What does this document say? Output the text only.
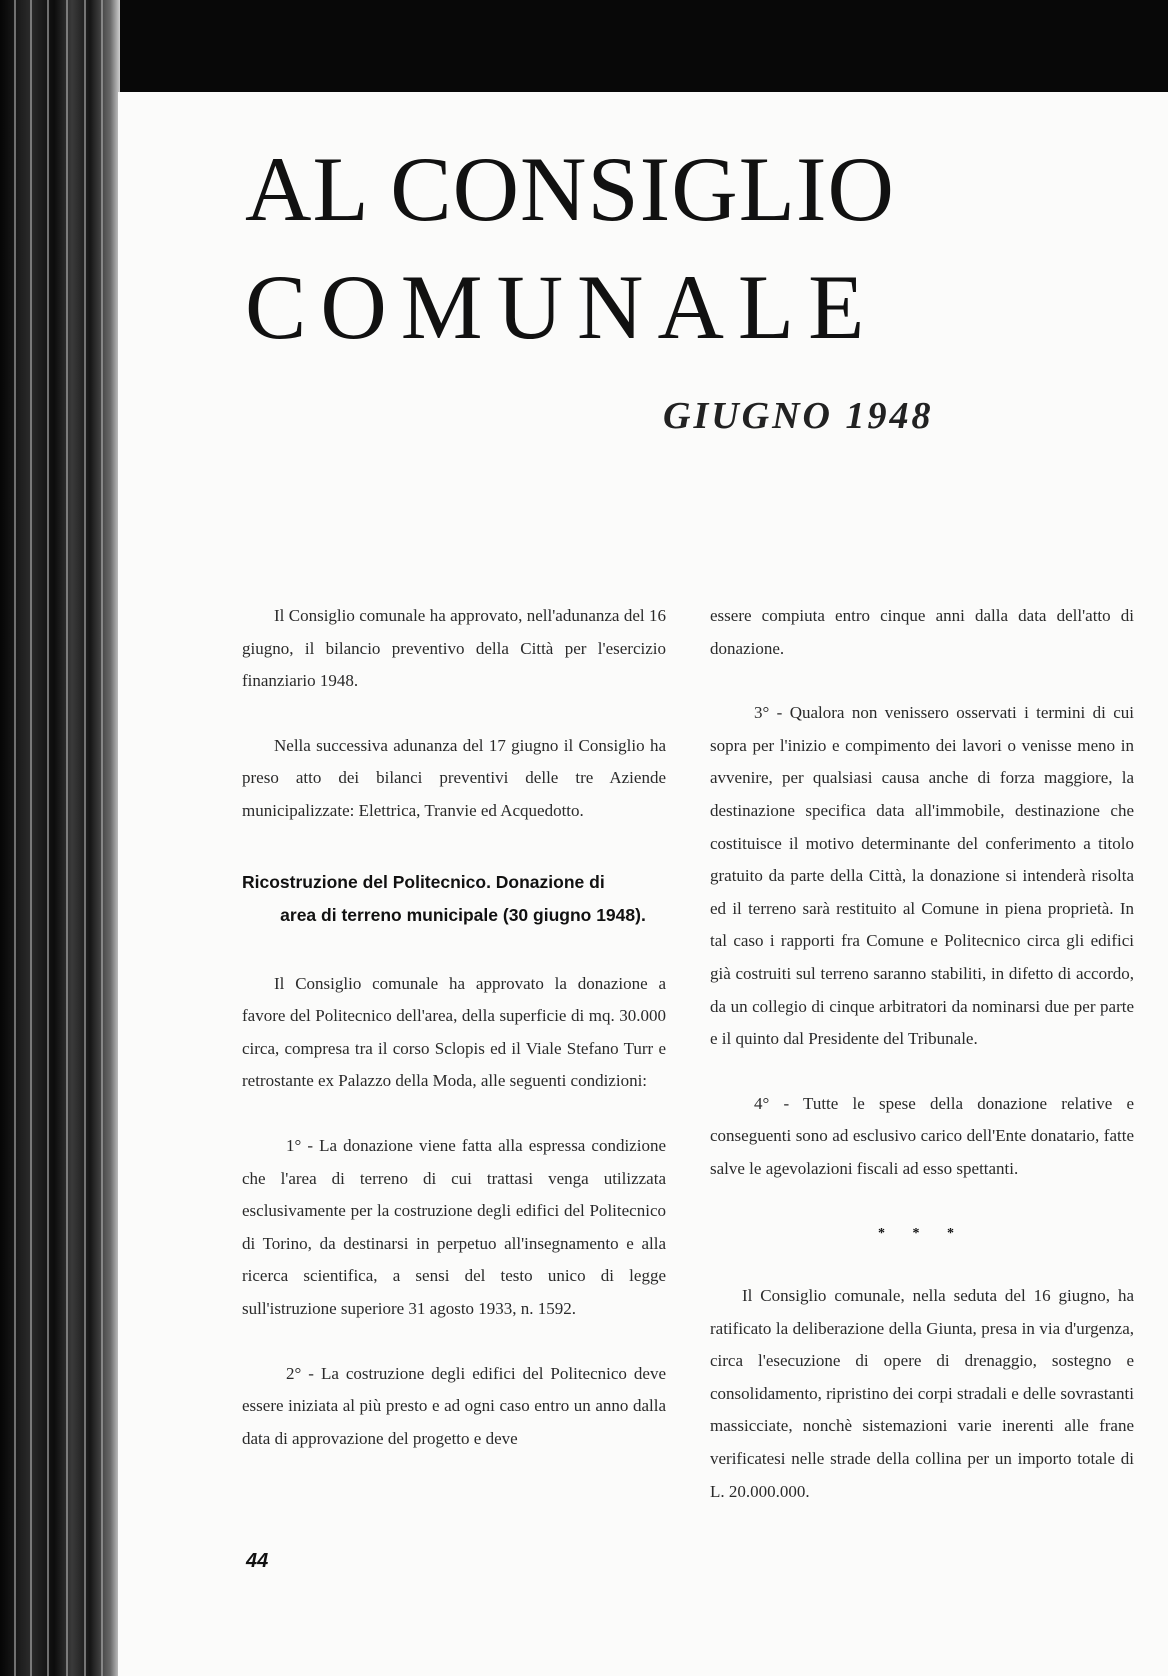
AL CONSIGLIO
COMUNALE
GIUGNO 1948

Il Consiglio comunale ha approvato, nell'adunanza del 16 giugno, il bilancio preventivo della Città per l'esercizio finanziario 1948.

Nella successiva adunanza del 17 giugno il Consiglio ha preso atto dei bilanci preventivi delle tre Aziende municipalizzate: Elettrica, Tranvie ed Acquedotto.

Ricostruzione del Politecnico. Donazione di
area di terreno municipale (30 giugno 1948).

Il Consiglio comunale ha approvato la donazione a favore del Politecnico dell'area, della superficie di mq. 30.000 circa, compresa tra il corso Sclopis ed il Viale Stefano Turr e retrostante ex Palazzo della Moda, alle seguenti condizioni:

1° - La donazione viene fatta alla espressa condizione che l'area di terreno di cui trattasi venga utilizzata esclusivamente per la costruzione degli edifici del Politecnico di Torino, da destinarsi in perpetuo all'insegnamento e alla ricerca scientifica, a sensi del testo unico di legge sull'istruzione superiore 31 agosto 1933, n. 1592.

2° - La costruzione degli edifici del Politecnico deve essere iniziata al più presto e ad ogni caso entro un anno dalla data di approvazione del progetto e deve

essere compiuta entro cinque anni dalla data dell'atto di donazione.

3° - Qualora non venissero osservati i termini di cui sopra per l'inizio e compimento dei lavori o venisse meno in avvenire, per qualsiasi causa anche di forza maggiore, la destinazione specifica data all'immobile, destinazione che costituisce il motivo determinante del conferimento a titolo gratuito da parte della Città, la donazione si intenderà risolta ed il terreno sarà restituito al Comune in piena proprietà. In tal caso i rapporti fra Comune e Politecnico circa gli edifici già costruiti sul terreno saranno stabiliti, in difetto di accordo, da un collegio di cinque arbitratori da nominarsi due per parte e il quinto dal Presidente del Tribunale.

4° - Tutte le spese della donazione relative e conseguenti sono ad esclusivo carico dell'Ente donatario, fatte salve le agevolazioni fiscali ad esso spettanti.

* * *

Il Consiglio comunale, nella seduta del 16 giugno, ha ratificato la deliberazione della Giunta, presa in via d'urgenza, circa l'esecuzione di opere di drenaggio, sostegno e consolidamento, ripristino dei corpi stradali e delle sovrastanti massicciate, nonchè sistemazioni varie inerenti alle frane verificatesi nelle strade della collina per un importo totale di L. 20.000.000.

44
